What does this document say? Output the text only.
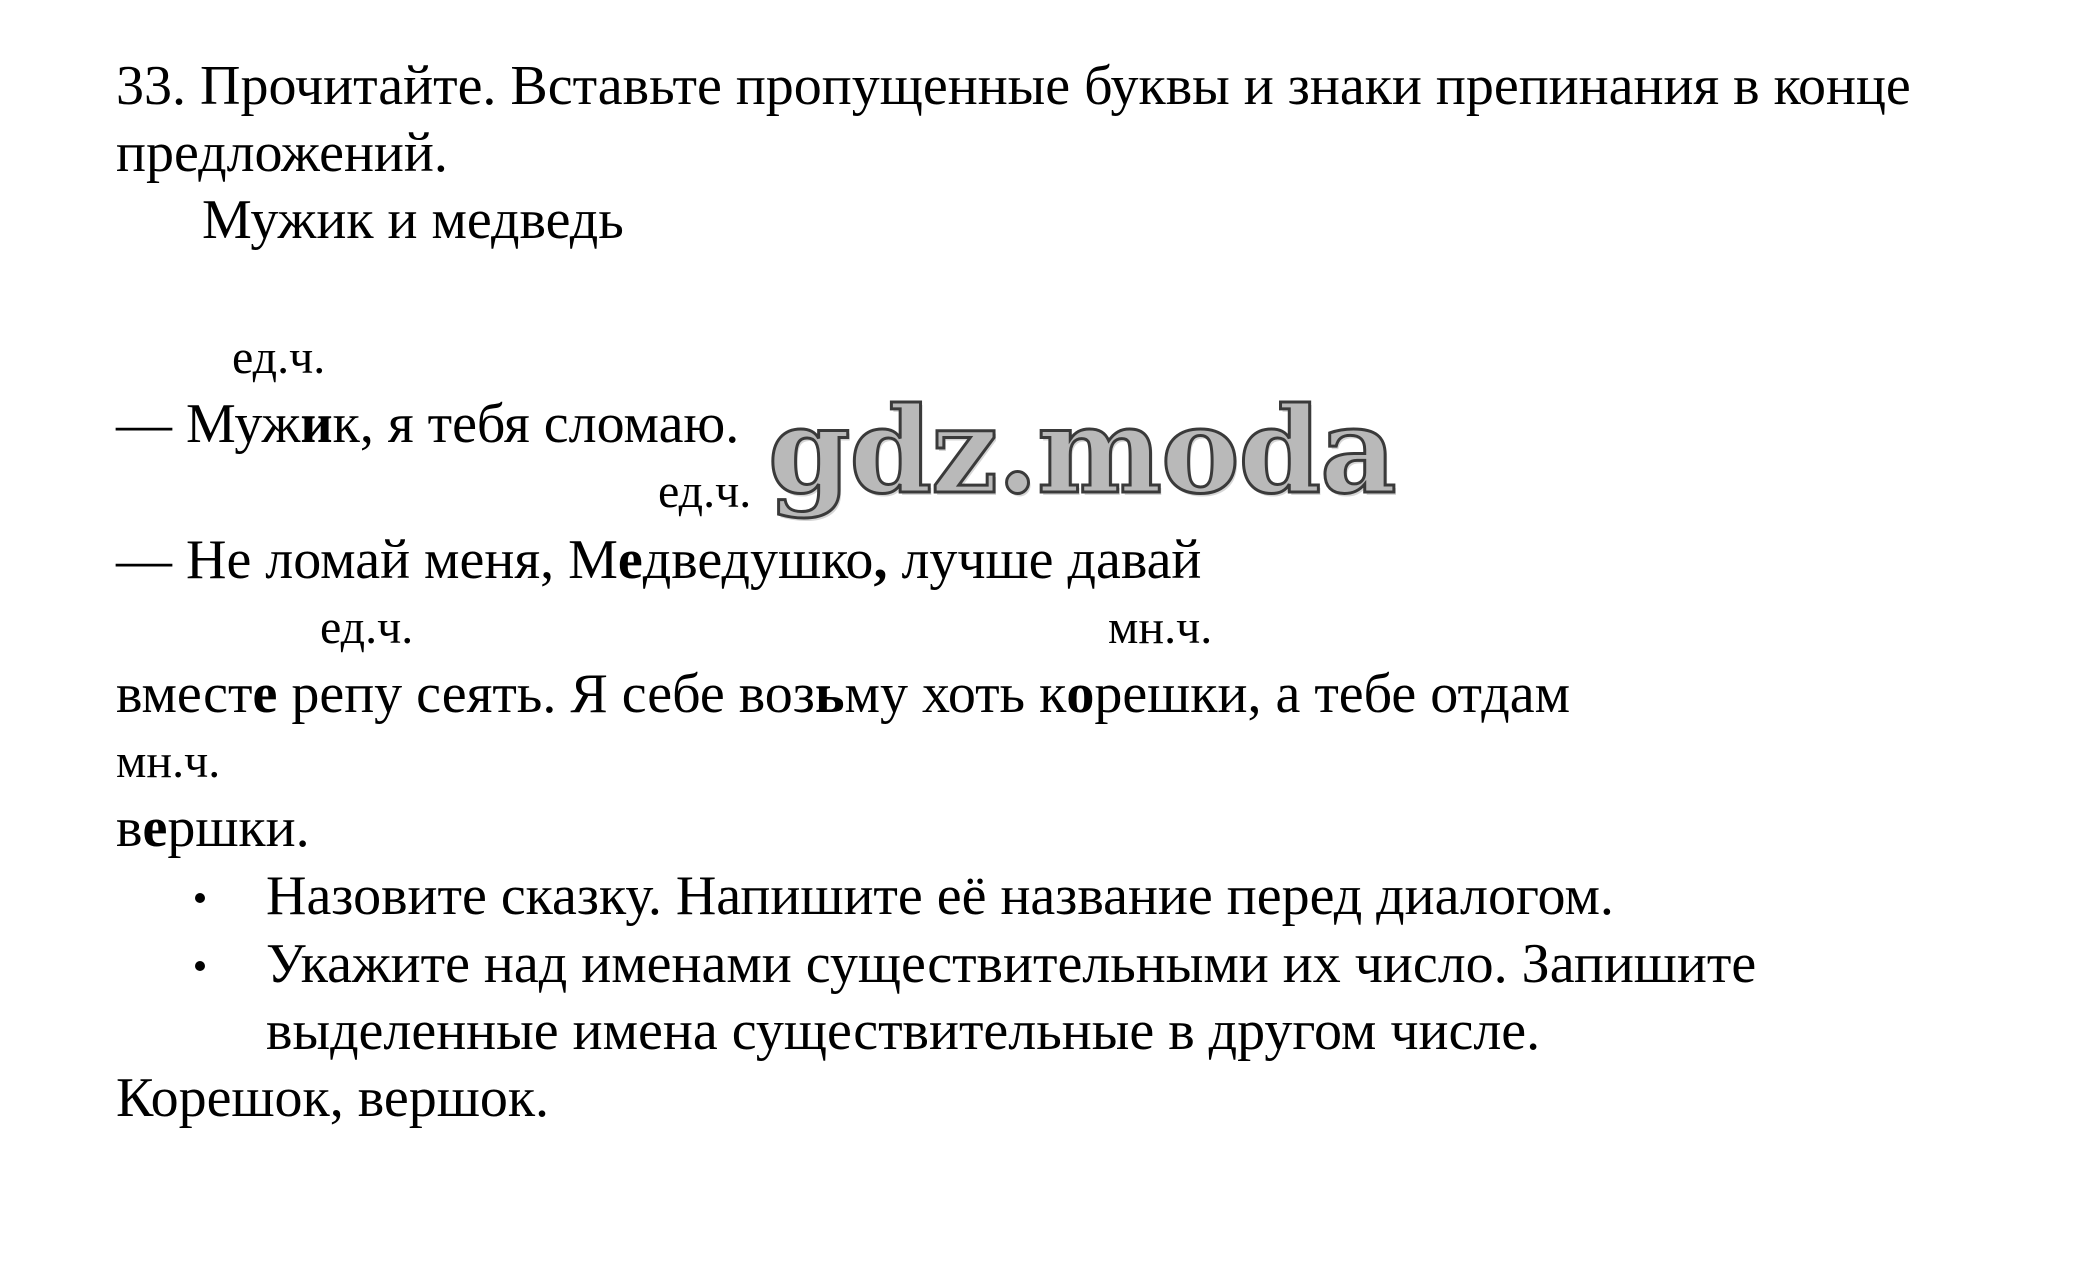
33. Прочитайте. Вставьте пропущенные буквы и знаки препинания в конце
предложений.
Мужик и медведь
ед.ч.
— Мужик, я тебя сломаю.
ед.ч. gdz.moda
— Не ломай меня, Медведушко, лучше давай
ед.ч.	мн.ч.
вместе репу сеять. Я себе возьму хоть корешки, а тебе отдам
мн.ч.
вершки.
Назовите сказку. Напишите её название перед диалогом.
Укажите над именами существительными их число. Запишите
выделенные имена существительные в другом числе.
Корешок, вершок.
